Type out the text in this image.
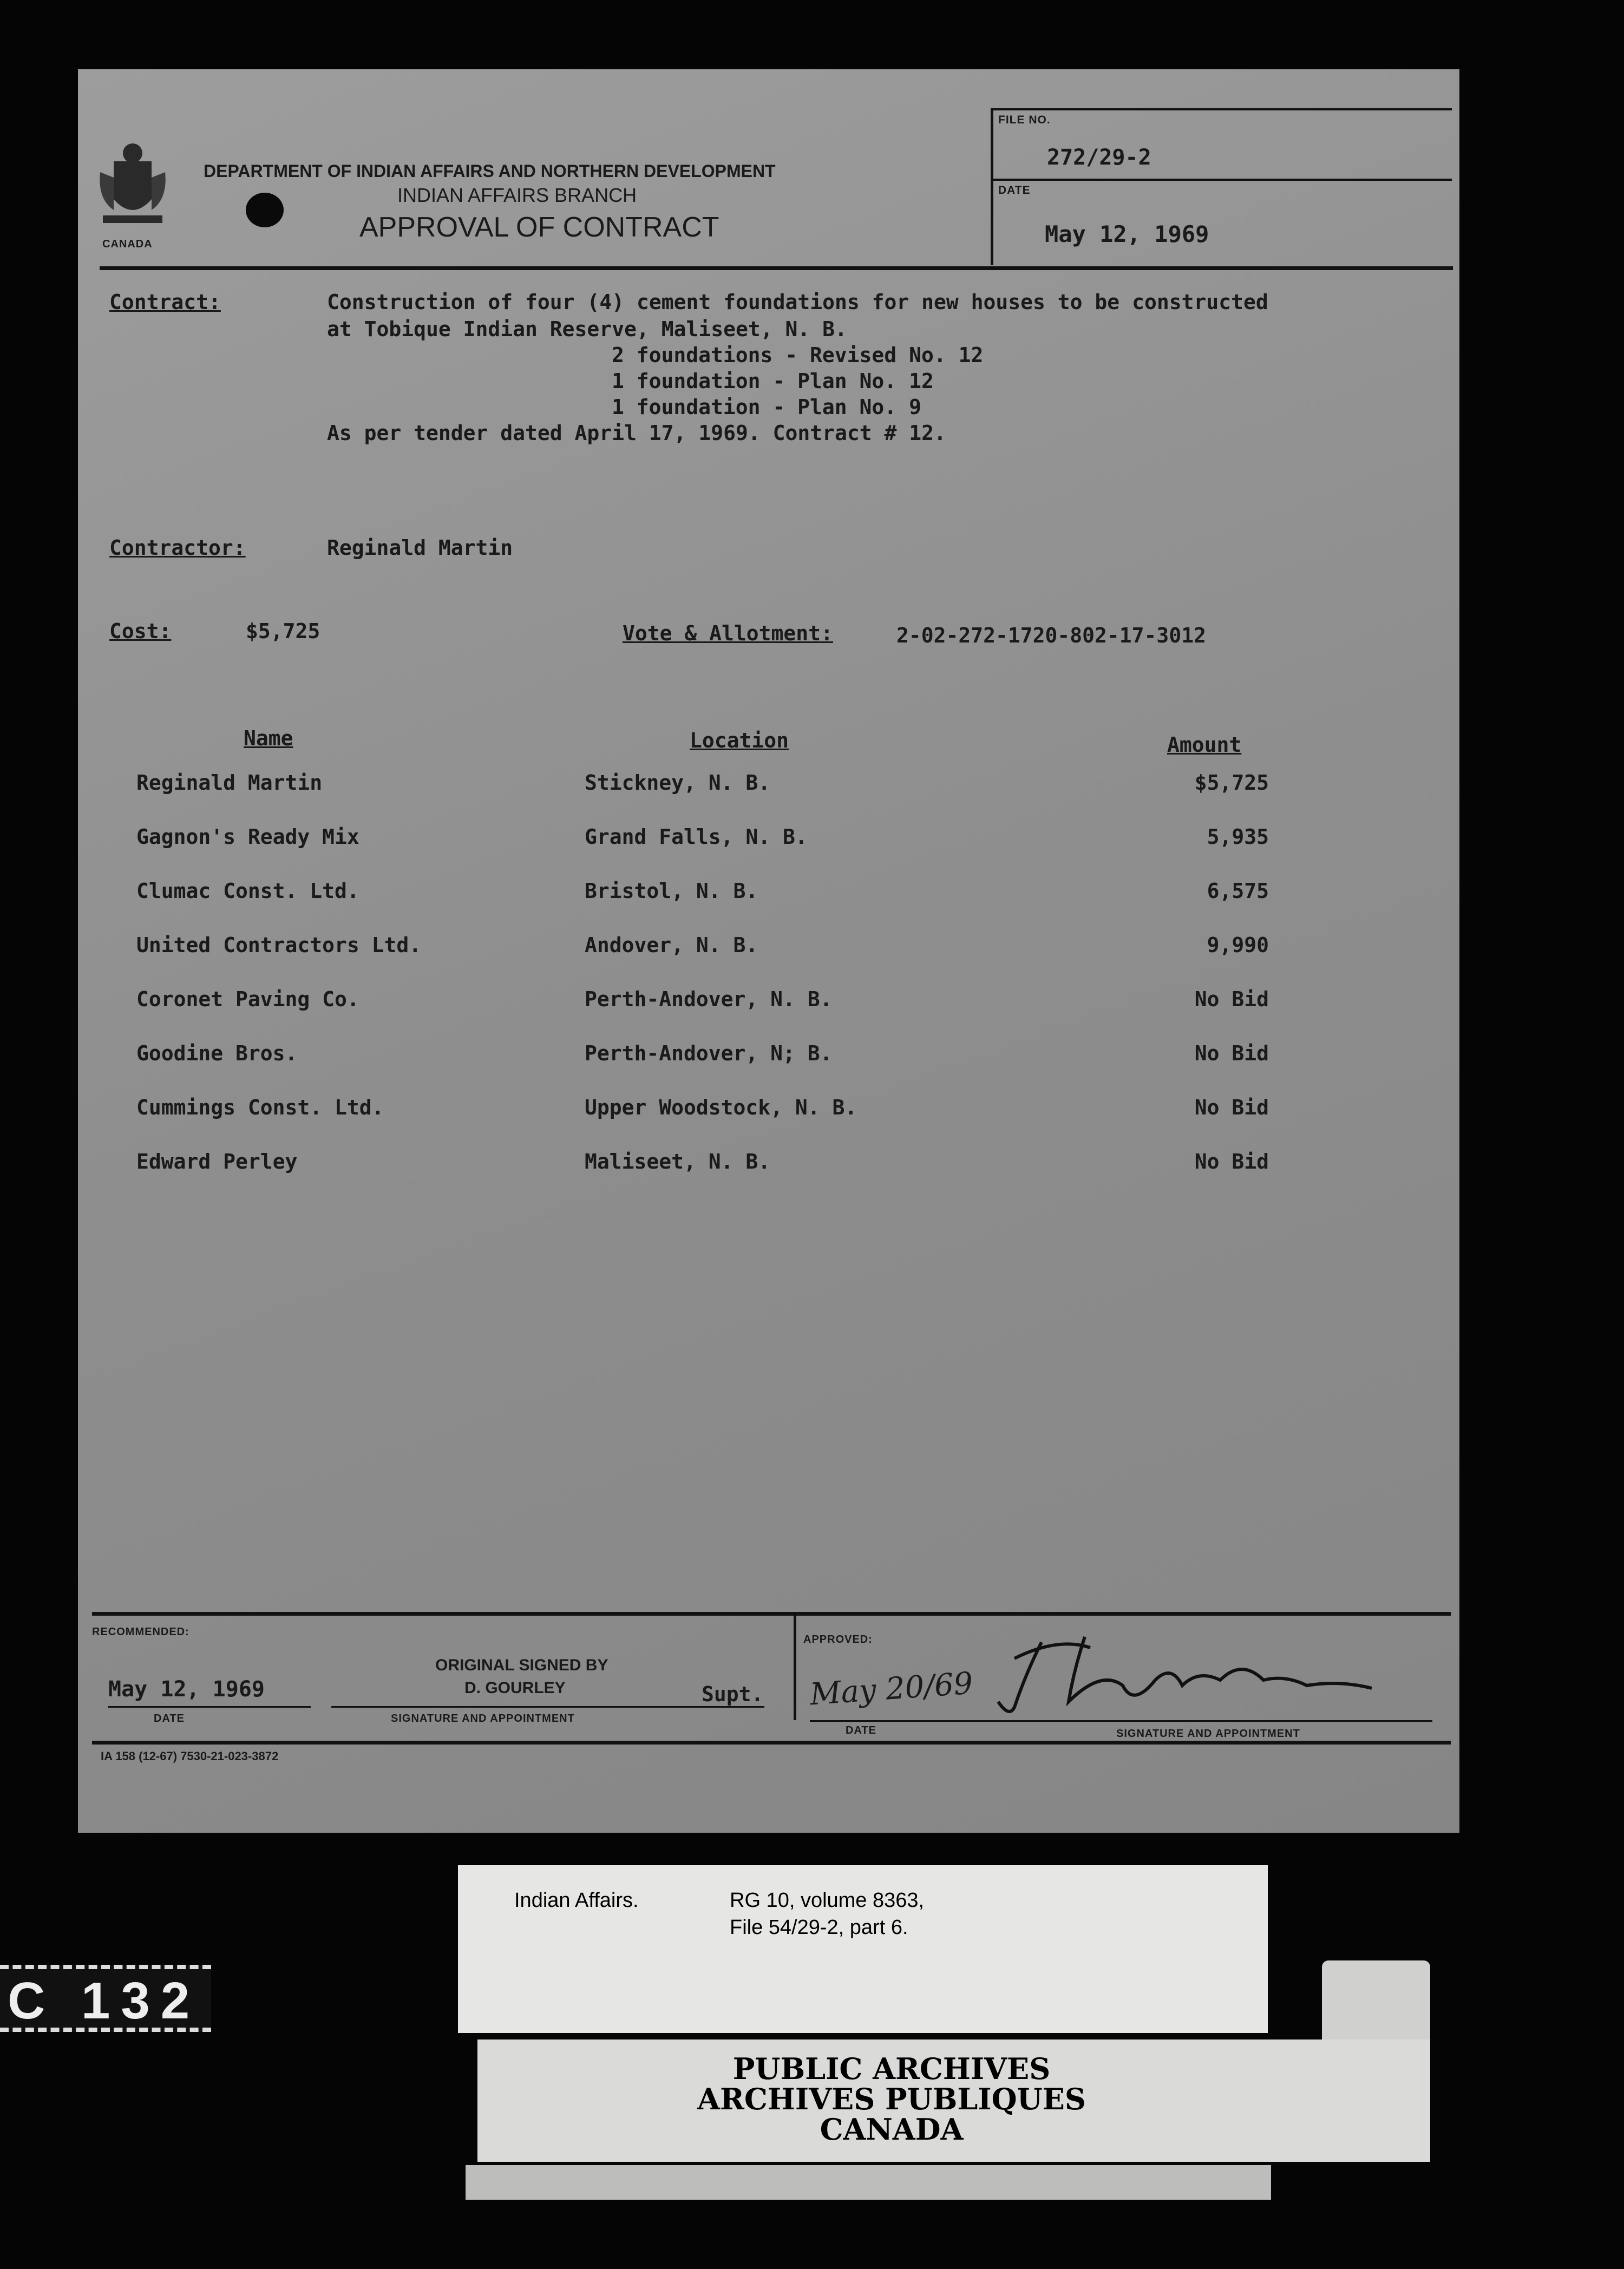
CANADA
DEPARTMENT OF INDIAN AFFAIRS AND NORTHERN DEVELOPMENT
INDIAN AFFAIRS BRANCH
APPROVAL OF CONTRACT
FILE NO.
272/29-2
DATE
May 12, 1969
Contract:	Construction of four (4) cement foundations for new houses to be constructed
at Tobique Indian Reserve, Maliseet, N. B.
2 foundations - Revised No. 12
1 foundation - Plan No. 12
1 foundation - Plan No. 9
As per tender dated April 17, 1969. Contract # 12.
Contractor:	Reginald Martin
Cost:	$5,725	Vote & Allotment:	2-02-272-1720-802-17-3012
Name	Location	Amount
Reginald Martin	Stickney, N. B.	$5,725
Gagnon's Ready Mix	Grand Falls, N. B.	5,935
Clumac Const. Ltd.	Bristol, N. B.	6,575
United Contractors Ltd.	Andover, N. B.	9,990
Coronet Paving Co.	Perth-Andover, N. B.	No Bid
Goodine Bros.	Perth-Andover, N; B.	No Bid
Cummings Const. Ltd.	Upper Woodstock, N. B.	No Bid
Edward Perley	Maliseet, N. B.	No Bid
RECOMMENDED:
May 12, 1969
DATE
ORIGINAL SIGNED BY
D. GOURLEY	Supt.
SIGNATURE AND APPOINTMENT
APPROVED:
May 20/69
DATE	SIGNATURE AND APPOINTMENT
IA 158 (12-67) 7530-21-023-3872
Indian Affairs.	RG 10, volume 8363,
File 54/29-2, part 6.
PUBLIC ARCHIVES
ARCHIVES PUBLIQUES
CANADA
C 132
